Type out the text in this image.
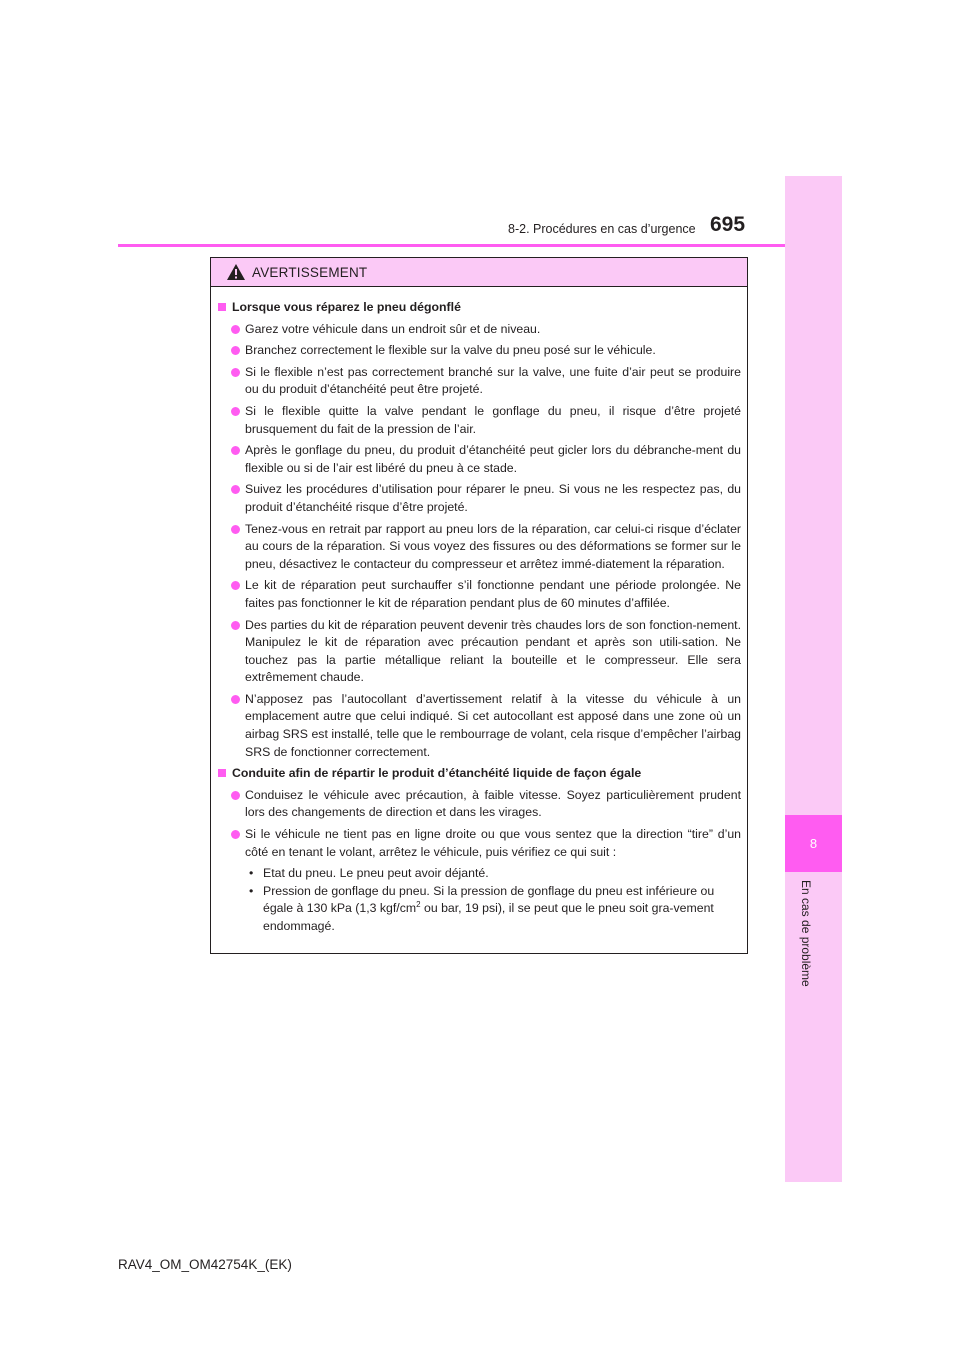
8
En cas de problème
8-2. Procédures en cas d’urgence 695
AVERTISSEMENT
Lorsque vous réparez le pneu dégonflé
Garez votre véhicule dans un endroit sûr et de niveau.
Branchez correctement le flexible sur la valve du pneu posé sur le véhicule.
Si le flexible n’est pas correctement branché sur la valve, une fuite d’air peut se produire ou du produit d’étanchéité peut être projeté.
Si le flexible quitte la valve pendant le gonflage du pneu, il risque d’être projeté brusquement du fait de la pression de l’air.
Après le gonflage du pneu, du produit d’étanchéité peut gicler lors du débranche-ment du flexible ou si de l’air est libéré du pneu à ce stade.
Suivez les procédures d’utilisation pour réparer le pneu. Si vous ne les respectez pas, du produit d’étanchéité risque d’être projeté.
Tenez-vous en retrait par rapport au pneu lors de la réparation, car celui-ci risque d’éclater au cours de la réparation. Si vous voyez des fissures ou des déformations se former sur le pneu, désactivez le contacteur du compresseur et arrêtez immé-diatement la réparation.
Le kit de réparation peut surchauffer s’il fonctionne pendant une période prolongée. Ne faites pas fonctionner le kit de réparation pendant plus de 60 minutes d’affilée.
Des parties du kit de réparation peuvent devenir très chaudes lors de son fonction-nement. Manipulez le kit de réparation avec précaution pendant et après son utili-sation. Ne touchez pas la partie métallique reliant la bouteille et le compresseur. Elle sera extrêmement chaude.
N’apposez pas l’autocollant d’avertissement relatif à la vitesse du véhicule à un emplacement autre que celui indiqué. Si cet autocollant est apposé dans une zone où un airbag SRS est installé, telle que le rembourrage de volant, cela risque d’empêcher l’airbag SRS de fonctionner correctement.
Conduite afin de répartir le produit d’étanchéité liquide de façon égale
Conduisez le véhicule avec précaution, à faible vitesse. Soyez particulièrement prudent lors des changements de direction et dans les virages.
Si le véhicule ne tient pas en ligne droite ou que vous sentez que la direction “tire” d’un côté en tenant le volant, arrêtez le véhicule, puis vérifiez ce qui suit :
• Etat du pneu. Le pneu peut avoir déjanté.
• Pression de gonflage du pneu. Si la pression de gonflage du pneu est inférieure ou égale à 130 kPa (1,3 kgf/$cm^2$ ou bar, 19 psi), il se peut que le pneu soit gra-vement endommagé.
RAV4_OM_OM42754K_(EK)
